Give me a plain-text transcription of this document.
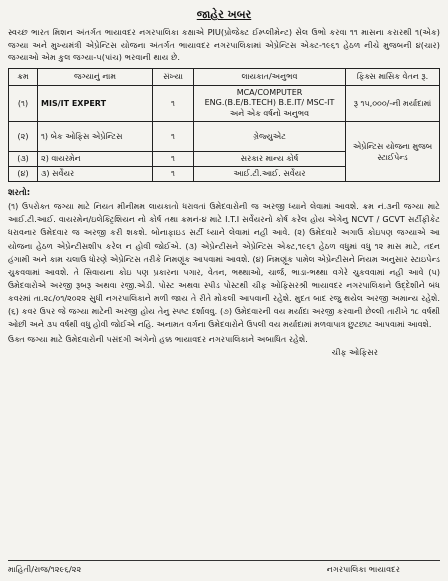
જાહેર ખબર
સ્વચ્છ ભારત મિશન અંતર્ગત ભાયાવદર નગરપાલિકા કક્ષાએ PIU(પ્રોજેક્ટ ઈમ્પ્લીમેન્ટ) સેલ ઉભો કરવા ૧૧ માસના કરારથી ૧(એક) જગ્યા અને મુખ્યમંત્રી એપ્રેન્ટિસ યોજના અંતર્ગત ભાયાવદર નગરપાલિકામાં એપ્રેન્ટિસ એક્ટ-૧૯૬૧ હેઠળ નીચે મુજબની ૪(ચાર) જગ્યાઓ એમ કુલ જગ્યા-૫(પાંચ) ભરવાની થાય છે.
ક્રમ	જગ્યાનું નામ	સંખ્યા	લાયકાત/અનુભવ	ફિક્સ માસિક વેતન રૂ.
(૧)	MIS/IT EXPERT	૧	MCA/COMPUTER
ENG.(B.E/B.TECH) B.E.IT/ MSC-IT
અને એક વર્ષનો અનુભવ	રૂ ૧૫,૦૦૦/-ની મર્યાદામાં
(૨)	૧) બેક ઓફિસ એપ્રેન્ટિસ	૧	ગ્રેજ્યુએટ	એપ્રેન્ટિસ યોજના મુજબ સ્ટાઈપેન્ડ
(૩)	૨) વાયરમેન	૧	સરકાર માન્ય કોર્ષ	
(૪)	૩) સર્વેયર	૧	આઈ.ટી.આઈ. સર્વેયર	
શરતો:
(૧) ઉપરોક્ત જગ્યા માટે નિયત મીનીમમ લાયકાતો ધરાવતાં ઉમેદવારોની જ અરજી ધ્યાને લેવામાં આવશે. ક્રમ નં.૩ની જગ્યા માટે આઈ.ટી.આઈ. વાયરમેન/ઇલેક્ટ્રિશિયન નો કોર્ષ તથા ક્રમનં-૪ માટે I.T.I સર્વેયરનો કોર્ષ કરેલ હોય એગેનુ NCVT / GCVT સર્ટીફીકેટ ધરાવનાર ઉમેદવાર જ અરજી કરી શકશે. બોનાફાઇડ સર્ટી ધ્યાને લેવામાં નહી આવે. (૨) ઉમેદવારે અગાઉ કોઇપણ જગ્યાએ આ યોજના હેઠળ એપ્રેન્ટીસશીપ કરેલ ન હોવી જોઈએ. (૩) એપ્રેન્ટીસને એપ્રેન્ટિસ એક્ટ,૧૯૬૧ હેઠળ વધુમાં વધુ ૧૨ માસ માટે, તદન હંગામી અને કામ ચલાઉ ધોરણે એપ્રેન્ટિસ તરીકે નિમણૂંક આપવામાં આવશે. (૪) નિમણૂંક પામેલ એપ્રેન્ટીસને નિયમ અનુસાર સ્ટાઇપેન્ડ ચુકવવામાં આવશે. તે સિવાયના કોઇ પણ પ્રકારના પગાર, વેતન, ભથ્થાઓ, ચાર્જ, ભાડા-ભથ્થા વગેરે ચુકવવામાં નહી આવે (૫) ઉમેદવારોએ અરજી રૂબરૂ અથવા રજી.એડી. પોસ્ટ અથવા સ્પીડ પોસ્ટથી ચીફ ઓફિસરશ્રી ભાયાવદર નગરપાલિકાને ઉદ્દેશીને બંધ કવરમાં તા.૨૮/૦૧/૨૦૨૨ સુધી નગરપાલિકાને મળી જાય તે રીતે મોકલી આપવાની રહેશે. મુદત બાદ રજુ થયેલ અરજી અમાન્ય રહેશે. (૬) કવર ઉપર જે જગ્યા માટેની અરજી હોય તેનુ સ્પષ્ટ દર્શાવવુ. (૭) ઉમેદવારની વય મર્યાદા અરજી કરવાની છેલ્લી તારીખે ૧૮ વર્ષથી ઓછી અને ૩૫ વર્ષથી વધુ હોવી જોઈએ નહિ. અનામત વર્ગના ઉમેદવારોને ઉપલી વય મર્યાદામાં મળવાપાત્ર છુટછાટ આપવામાં આવશે.
ઉક્ત જગ્યા માટે ઉમેદવારોની પસંદગી અંગેનો હક્ક ભાયાવદર નગરપાલિકાને અબાધિત રહેશે.
ચીફ ઓફિસર
માહિતી/રાજ/૧૨૯૬/૨૨	નગરપાલિકા ભાયાવદર
